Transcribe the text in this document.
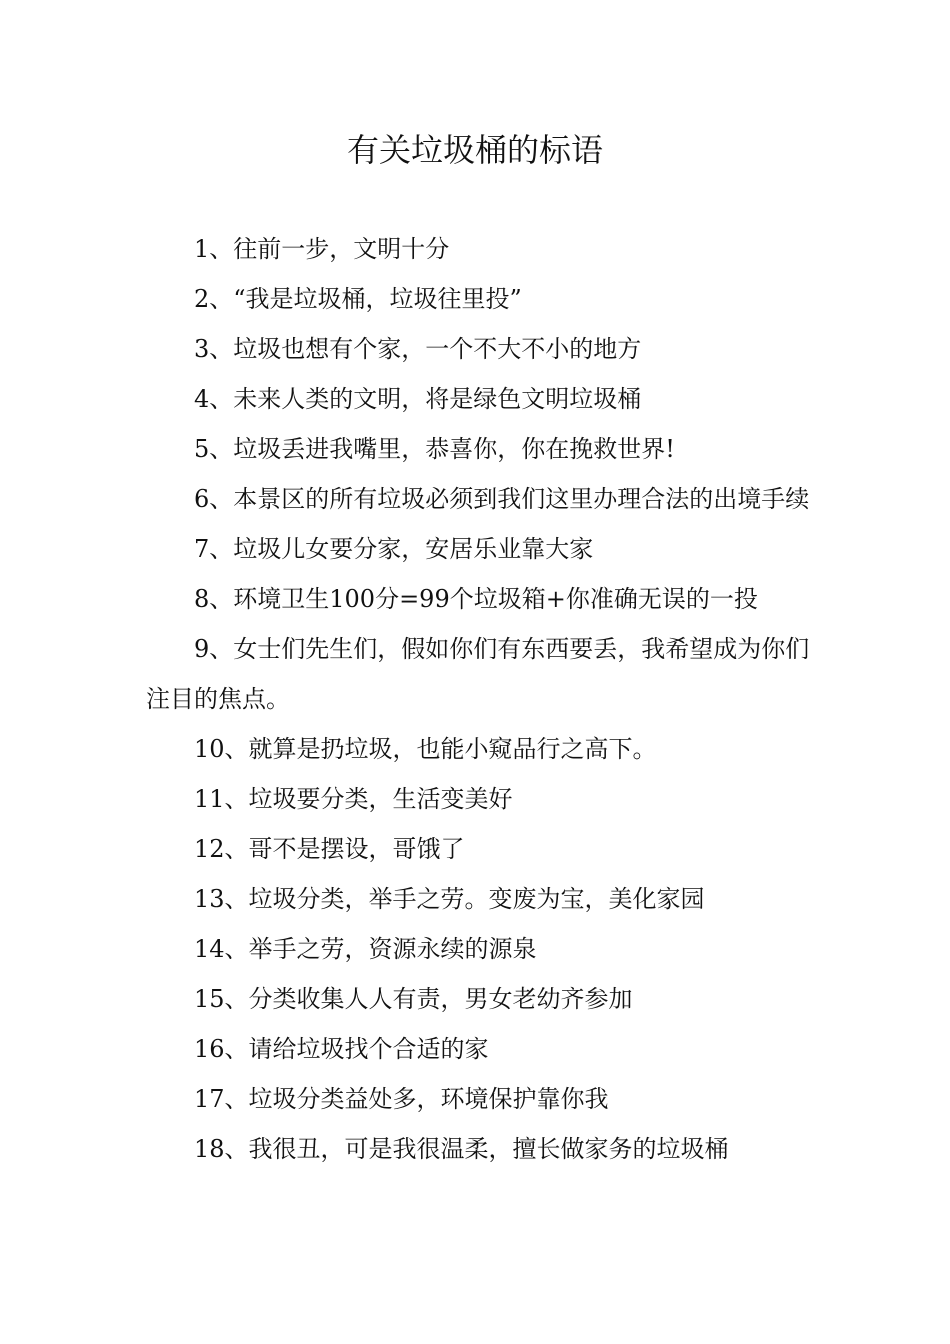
有关垃圾桶的标语

1、往前一步，文明十分

2、“我是垃圾桶，垃圾往里投”

3、垃圾也想有个家，一个不大不小的地方

4、未来人类的文明，将是绿色文明垃圾桶

5、垃圾丢进我嘴里，恭喜你，你在挽救世界!

6、本景区的所有垃圾必须到我们这里办理合法的出境手续

7、垃圾儿女要分家，安居乐业靠大家

8、环境卫生100分=99个垃圾箱+你准确无误的一投

9、女士们先生们，假如你们有东西要丢，我希望成为你们注目的焦点。

10、就算是扔垃圾，也能小窥品行之高下。

11、垃圾要分类，生活变美好

12、哥不是摆设，哥饿了

13、垃圾分类，举手之劳。变废为宝，美化家园

14、举手之劳，资源永续的源泉

15、分类收集人人有责，男女老幼齐参加

16、请给垃圾找个合适的家

17、垃圾分类益处多，环境保护靠你我

18、我很丑，可是我很温柔，擅长做家务的垃圾桶
